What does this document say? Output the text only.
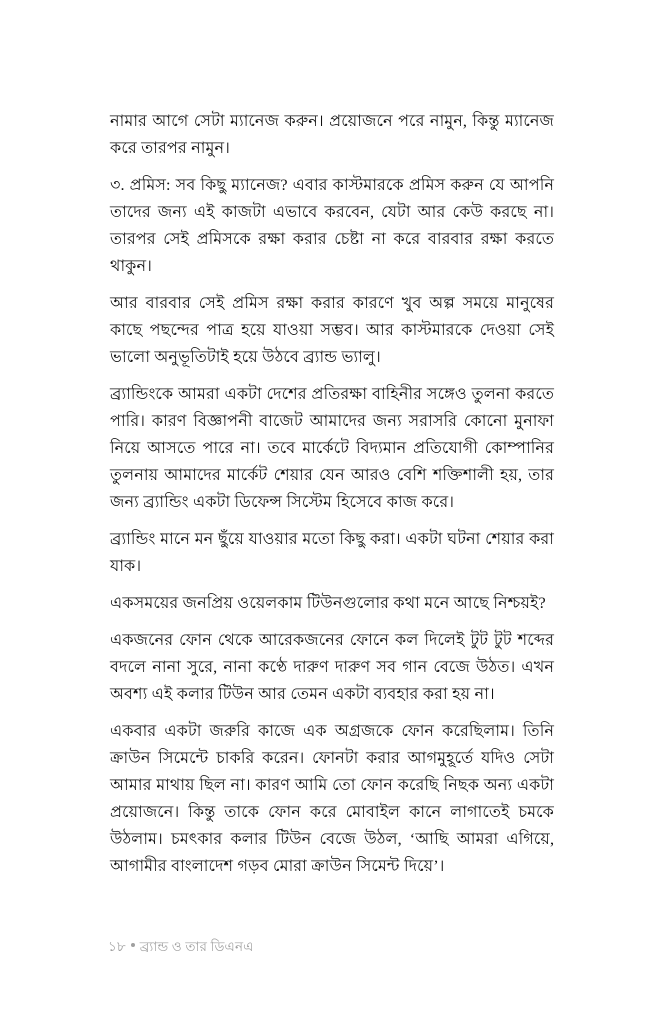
নামার আগে সেটা ম্যানেজ করুন। প্রয়োজনে পরে নামুন, কিন্তু ম্যানেজ করে তারপর নামুন।

৩. প্রমিস: সব কিছু ম্যানেজ? এবার কাস্টমারকে প্রমিস করুন যে আপনি তাদের জন্য এই কাজটা এভাবে করবেন, যেটা আর কেউ করছে না। তারপর সেই প্রমিসকে রক্ষা করার চেষ্টা না করে বারবার রক্ষা করতে থাকুন।

আর বারবার সেই প্রমিস রক্ষা করার কারণে খুব অল্প সময়ে মানুষের কাছে পছন্দের পাত্র হয়ে যাওয়া সম্ভব। আর কাস্টমারকে দেওয়া সেই ভালো অনুভূতিটাই হয়ে উঠবে ব্র্যান্ড ভ্যালু।

ব্র্যান্ডিংকে আমরা একটা দেশের প্রতিরক্ষা বাহিনীর সঙ্গেও তুলনা করতে পারি। কারণ বিজ্ঞাপনী বাজেট আমাদের জন্য সরাসরি কোনো মুনাফা নিয়ে আসতে পারে না। তবে মার্কেটে বিদ্যমান প্রতিযোগী কোম্পানির তুলনায় আমাদের মার্কেট শেয়ার যেন আরও বেশি শক্তিশালী হয়, তার জন্য ব্র্যান্ডিং একটা ডিফেন্স সিস্টেম হিসেবে কাজ করে।

ব্র্যান্ডিং মানে মন ছুঁয়ে যাওয়ার মতো কিছু করা। একটা ঘটনা শেয়ার করা যাক।

একসময়ের জনপ্রিয় ওয়েলকাম টিউনগুলোর কথা মনে আছে নিশ্চয়ই?

একজনের ফোন থেকে আরেকজনের ফোনে কল দিলেই টুট টুট শব্দের বদলে নানা সুরে, নানা কণ্ঠে দারুণ দারুণ সব গান বেজে উঠত। এখন অবশ্য এই কলার টিউন আর তেমন একটা ব্যবহার করা হয় না।

একবার একটা জরুরি কাজে এক অগ্রজকে ফোন করেছিলাম। তিনি ক্রাউন সিমেন্টে চাকরি করেন। ফোনটা করার আগমুহূর্তে যদিও সেটা আমার মাথায় ছিল না। কারণ আমি তো ফোন করেছি নিছক অন্য একটা প্রয়োজনে। কিন্তু তাকে ফোন করে মোবাইল কানে লাগাতেই চমকে উঠলাম। চমৎকার কলার টিউন বেজে উঠল, ‘আছি আমরা এগিয়ে, আগামীর বাংলাদেশ গড়ব মোরা ক্রাউন সিমেন্ট দিয়ে’।

১৮ ব্র্যান্ড ও তার ডিএনএ
